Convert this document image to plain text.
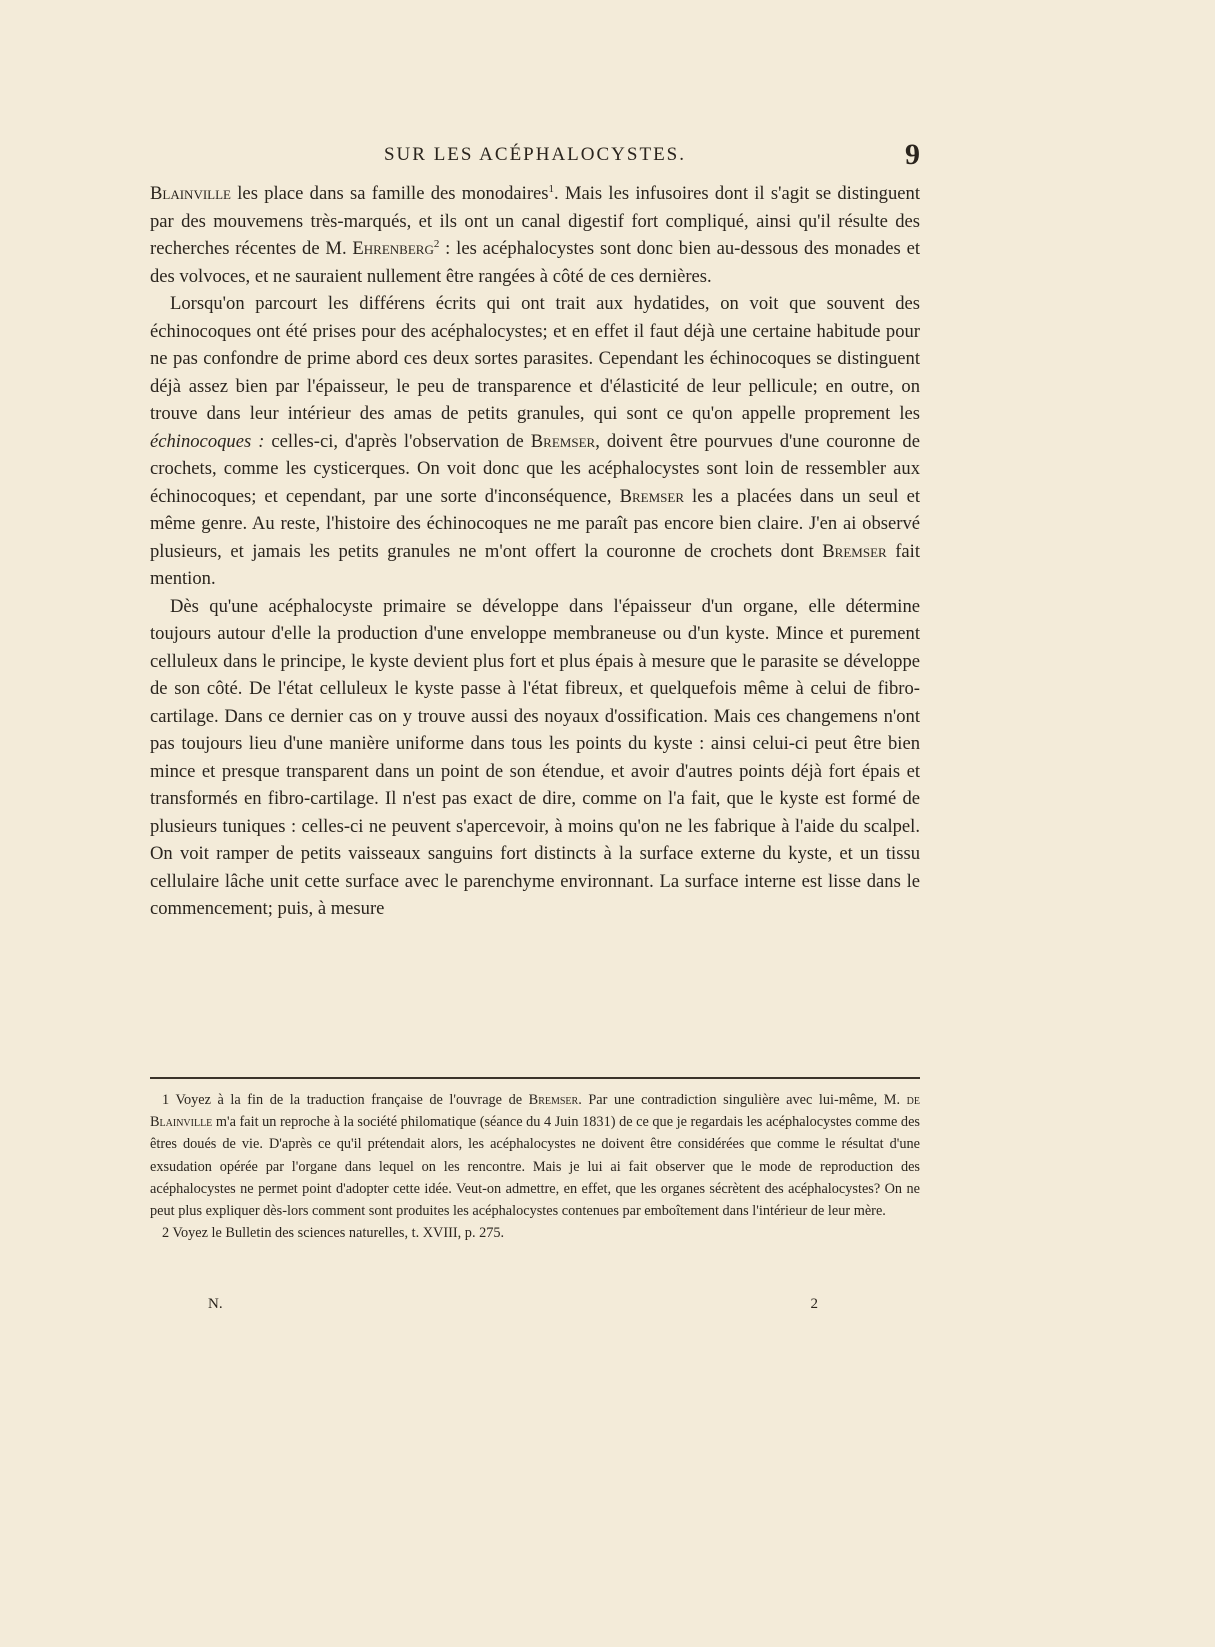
SUR LES ACÉPHALOCYSTES.	9

Blainville les place dans sa famille des monodaires$^1$. Mais les infusoires dont il s'agit se distinguent par des mouvemens très-marqués, et ils ont un canal digestif fort compliqué, ainsi qu'il résulte des recherches récentes de M. Ehrenberg$^2$ : les acéphalocystes sont donc bien au-dessous des monades et des volvoces, et ne sauraient nullement être rangées à côté de ces dernières.

Lorsqu'on parcourt les différens écrits qui ont trait aux hydatides, on voit que souvent des échinocoques ont été prises pour des acéphalocystes; et en effet il faut déjà une certaine habitude pour ne pas confondre de prime abord ces deux sortes parasites. Cependant les échinocoques se distinguent déjà assez bien par l'épaisseur, le peu de transparence et d'élasticité de leur pellicule; en outre, on trouve dans leur intérieur des amas de petits granules, qui sont ce qu'on appelle proprement les échinocoques : celles-ci, d'après l'observation de Bremser, doivent être pourvues d'une couronne de crochets, comme les cysticerques. On voit donc que les acéphalocystes sont loin de ressembler aux échinocoques; et cependant, par une sorte d'inconséquence, Bremser les a placées dans un seul et même genre. Au reste, l'histoire des échinocoques ne me paraît pas encore bien claire. J'en ai observé plusieurs, et jamais les petits granules ne m'ont offert la couronne de crochets dont Bremser fait mention.

Dès qu'une acéphalocyste primaire se développe dans l'épaisseur d'un organe, elle détermine toujours autour d'elle la production d'une enveloppe membraneuse ou d'un kyste. Mince et purement celluleux dans le principe, le kyste devient plus fort et plus épais à mesure que le parasite se développe de son côté. De l'état celluleux le kyste passe à l'état fibreux, et quelquefois même à celui de fibro-cartilage. Dans ce dernier cas on y trouve aussi des noyaux d'ossification. Mais ces changemens n'ont pas toujours lieu d'une manière uniforme dans tous les points du kyste : ainsi celui-ci peut être bien mince et presque transparent dans un point de son étendue, et avoir d'autres points déjà fort épais et transformés en fibro-cartilage. Il n'est pas exact de dire, comme on l'a fait, que le kyste est formé de plusieurs tuniques : celles-ci ne peuvent s'apercevoir, à moins qu'on ne les fabrique à l'aide du scalpel. On voit ramper de petits vaisseaux sanguins fort distincts à la surface externe du kyste, et un tissu cellulaire lâche unit cette surface avec le parenchyme environnant. La surface interne est lisse dans le commencement; puis, à mesure

1 Voyez à la fin de la traduction française de l'ouvrage de Bremser. Par une contradiction singulière avec lui-même, M. de Blainville m'a fait un reproche à la société philomatique (séance du 4 Juin 1831) de ce que je regardais les acéphalocystes comme des êtres doués de vie. D'après ce qu'il prétendait alors, les acéphalocystes ne doivent être considérées que comme le résultat d'une exsudation opérée par l'organe dans lequel on les rencontre. Mais je lui ai fait observer que le mode de reproduction des acéphalocystes ne permet point d'adopter cette idée. Veut-on admettre, en effet, que les organes sécrètent des acéphalocystes? On ne peut plus expliquer dès-lors comment sont produites les acéphalocystes contenues par emboîtement dans l'intérieur de leur mère.

2 Voyez le Bulletin des sciences naturelles, t. XVIII, p. 275.

N.	2
